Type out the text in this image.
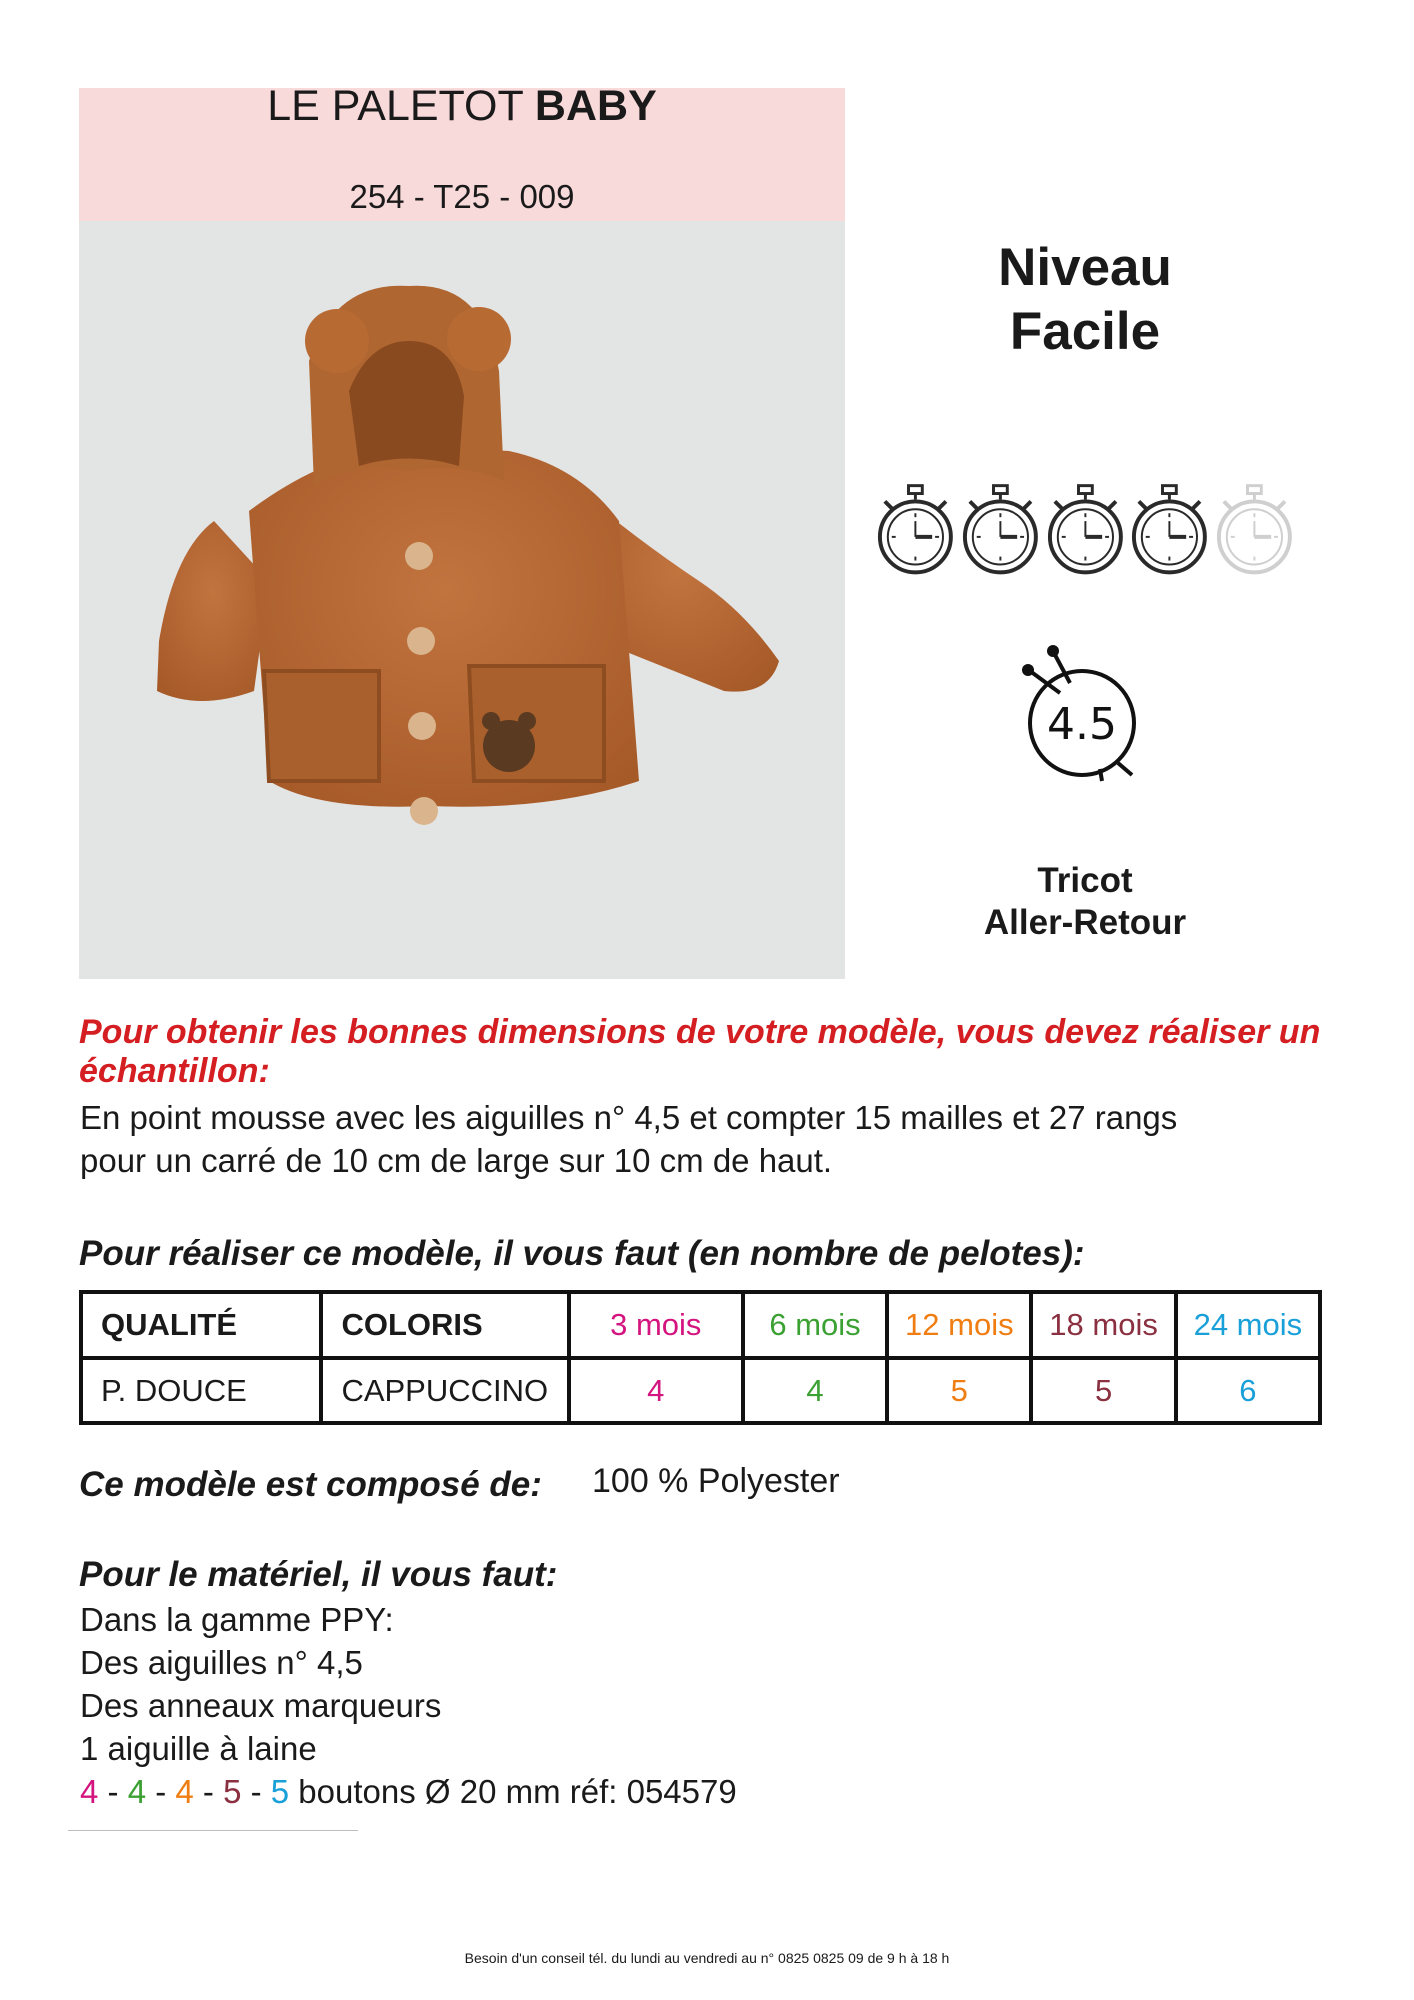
LE PALETOT BABY
254 - T25 - 009
Niveau
Facile
4.5
Tricot
Aller-Retour
Pour obtenir les bonnes dimensions de votre modèle, vous devez réaliser un échantillon:
En point mousse avec les aiguilles n° 4,5 et compter 15 mailles et 27 rangs
pour un carré de 10 cm de large sur 10 cm de haut.
Pour réaliser ce modèle, il vous faut (en nombre de pelotes):
QUALITÉ	COLORIS	3 mois	6 mois	12 mois	18 mois	24 mois
P. DOUCE	CAPPUCCINO	4	4	5	5	6
Ce modèle est composé de: 100 % Polyester
Pour le matériel, il vous faut:
Dans la gamme PPY:
Des aiguilles n° 4,5
Des anneaux marqueurs
1 aiguille à laine
4 - 4 - 4 - 5 - 5 boutons Ø 20 mm réf: 054579
Besoin d'un conseil tél. du lundi au vendredi au n° 0825 0825 09 de 9 h à 18 h
